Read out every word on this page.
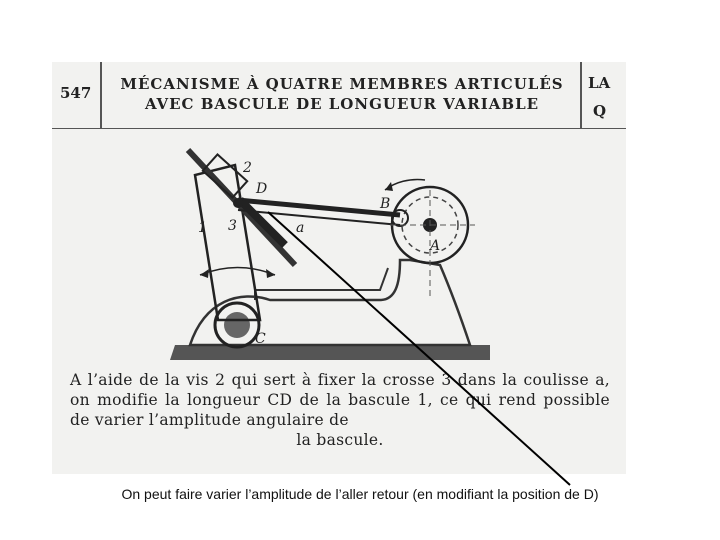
547	MÉCANISME À QUATRE MEMBRES ARTICULÉS
AVEC BASCULE DE LONGUEUR VARIABLE
LA
Q
A l’aide de la vis 2 qui sert à fixer la crosse 3 dans la coulisse a, on modifie la longueur CD de la bascule 1, ce qui rend possible de varier l’amplitude angulaire de
la bascule.
2
D
1 3	a
B
A
C
On peut faire varier l’amplitude de l’aller retour (en modifiant la position de D)
